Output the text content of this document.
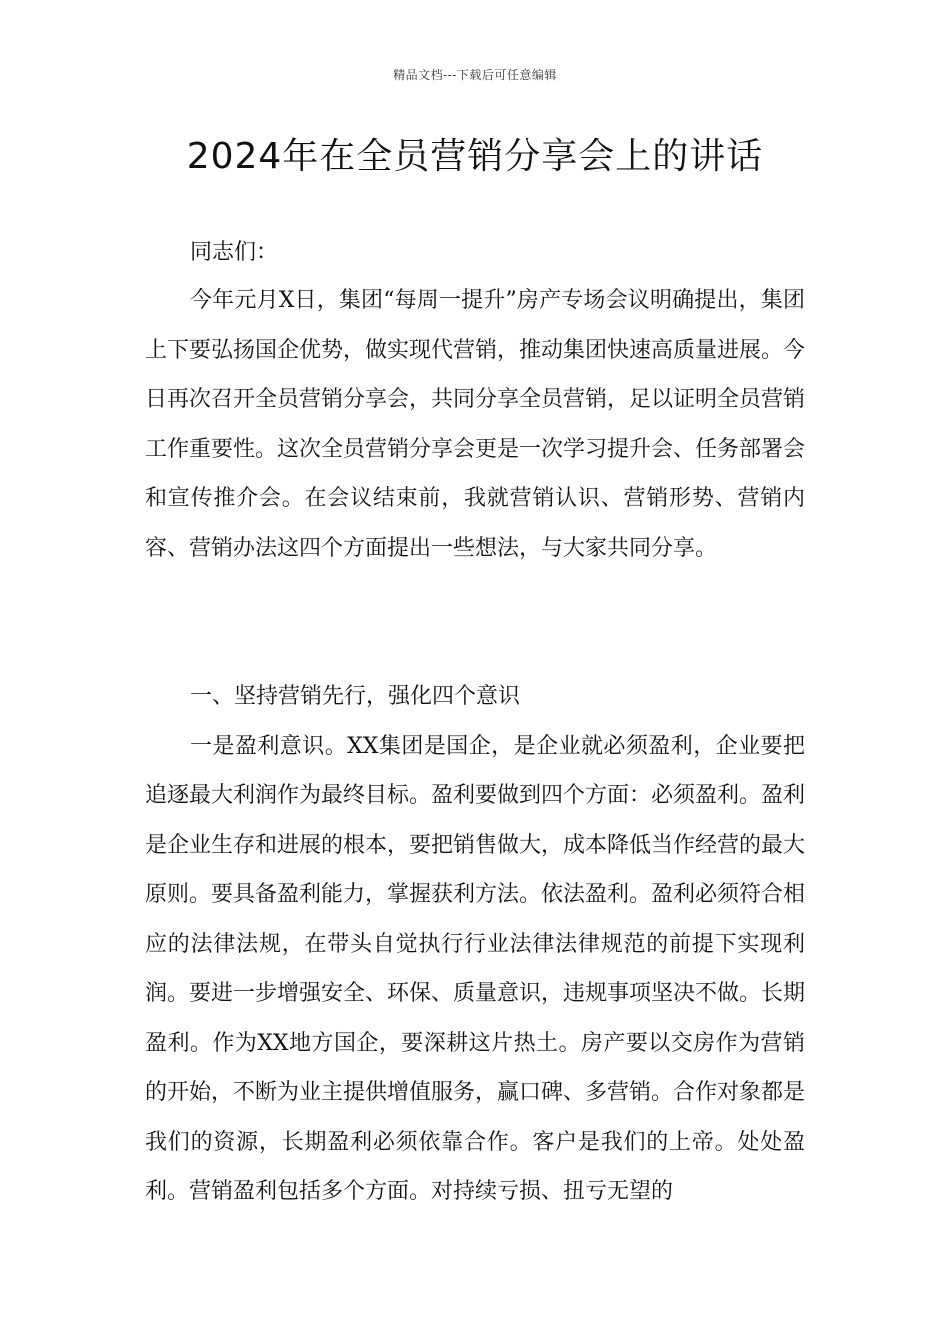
精品文档---下载后可任意编辑
2024年在全员营销分享会上的讲话
同志们：

今年元月X日，集团“每周一提升”房产专场会议明确提出，集团上下要弘扬国企优势，做实现代营销，推动集团快速高质量进展。今日再次召开全员营销分享会，共同分享全员营销，足以证明全员营销工作重要性。这次全员营销分享会更是一次学习提升会、任务部署会和宣传推介会。在会议结束前，我就营销认识、营销形势、营销内容、营销办法这四个方面提出一些想法，与大家共同分享。

一、坚持营销先行，强化四个意识

一是盈利意识。XX集团是国企，是企业就必须盈利，企业要把追逐最大利润作为最终目标。盈利要做到四个方面：必须盈利。盈利是企业生存和进展的根本，要把销售做大，成本降低当作经营的最大原则。要具备盈利能力，掌握获利方法。依法盈利。盈利必须符合相应的法律法规，在带头自觉执行行业法律法律规范的前提下实现利润。要进一步增强安全、环保、质量意识，违规事项坚决不做。长期盈利。作为XX地方国企，要深耕这片热土。房产要以交房作为营销的开始，不断为业主提供增值服务，赢口碑、多营销。合作对象都是我们的资源，长期盈利必须依靠合作。客户是我们的上帝。处处盈利。营销盈利包括多个方面。对持续亏损、扭亏无望的
